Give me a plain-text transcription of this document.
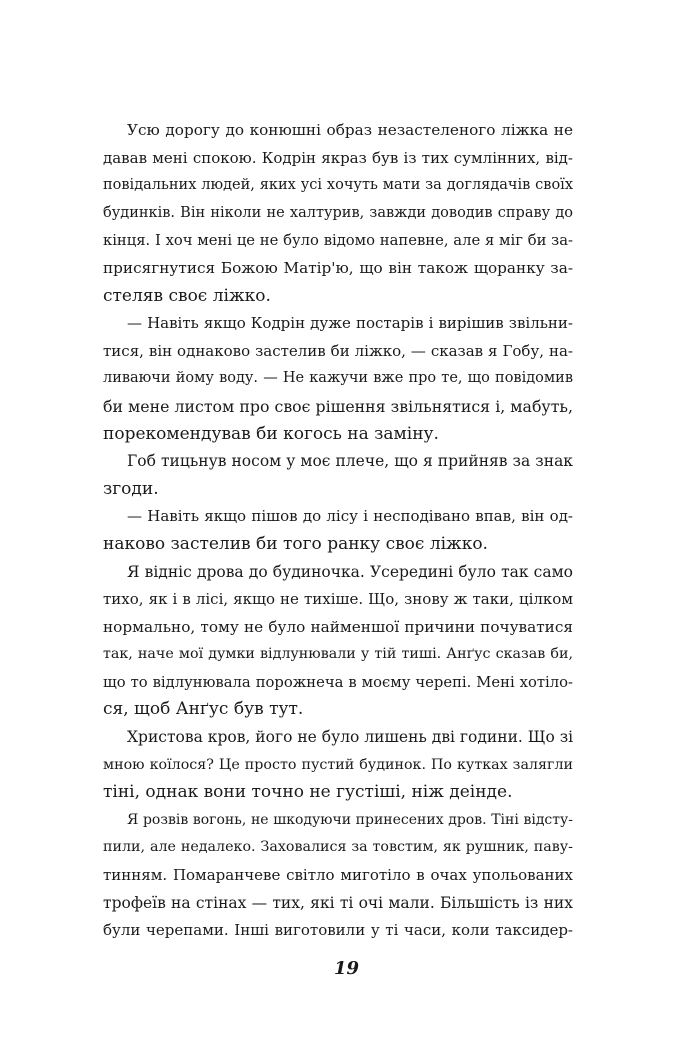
Усю дорогу до конюшні образ незастеленого ліжка не
давав мені спокою. Кодрін якраз був із тих сумлінних, від-
повідальних людей, яких усі хочуть мати за доглядачів своїх
будинків. Він ніколи не халтурив, завжди доводив справу до
кінця. І хоч мені це не було відомо напевне, але я міг би за-
присягнутися Божою Матір'ю, що він також щоранку за-
стеляв своє ліжко.
— Навіть якщо Кодрін дуже постарів і вирішив звільни-
тися, він однаково застелив би ліжко, — сказав я Гобу, на-
ливаючи йому воду. — Не кажучи вже про те, що повідомив
би мене листом про своє рішення звільнятися і, мабуть,
порекомендував би когось на заміну.
Гоб тицьнув носом у моє плече, що я прийняв за знак
згоди.
— Навіть якщо пішов до лісу і несподівано впав, він од-
наково застелив би того ранку своє ліжко.
Я відніс дрова до будиночка. Усередині було так само
тихо, як і в лісі, якщо не тихіше. Що, знову ж таки, цілком
нормально, тому не було найменшої причини почуватися
так, наче мої думки відлунювали у тій тиші. Анґус сказав би,
що то відлунювала порожнеча в моєму черепі. Мені хотіло-
ся, щоб Анґус був тут.
Христова кров, його не було лишень дві години. Що зі
мною коїлося? Це просто пустий будинок. По кутках залягли
тіні, однак вони точно не густіші, ніж деінде.
Я розвів вогонь, не шкодуючи принесених дров. Тіні відсту-
пили, але недалеко. Заховалися за товстим, як рушник, паву-
тинням. Помаранчеве світло миготіло в очах упольованих
трофеїв на стінах — тих, які ті очі мали. Більшість із них
були черепами. Інші виготовили у ті часи, коли таксидер-
19
